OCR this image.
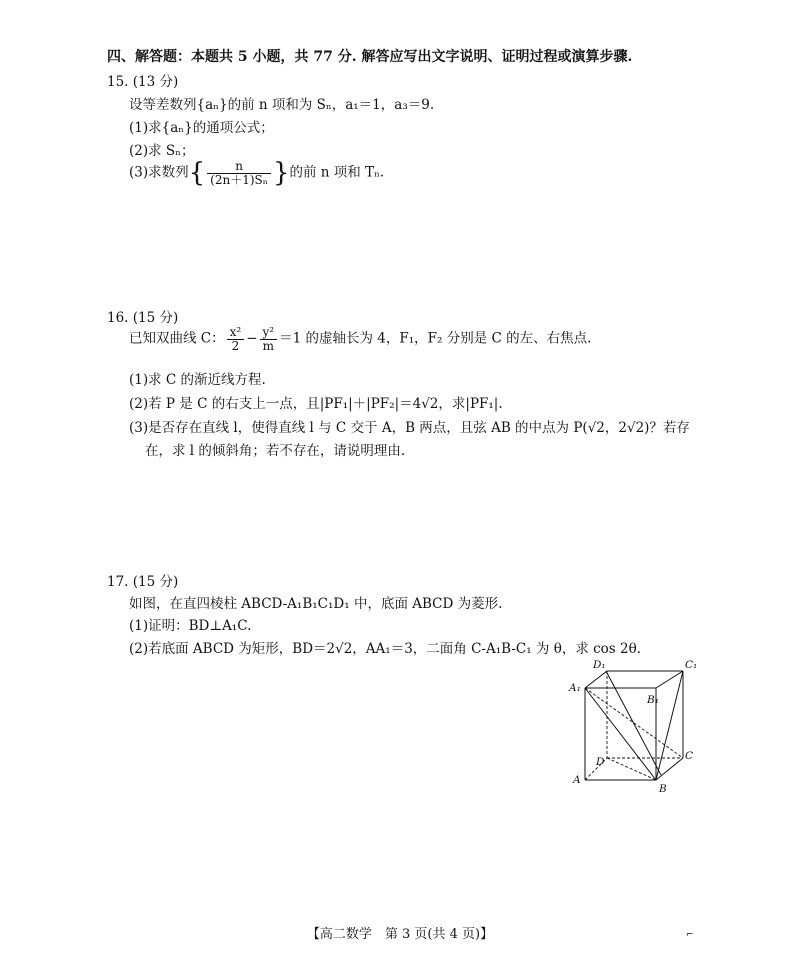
四、解答题：本题共 5 小题，共 77 分. 解答应写出文字说明、证明过程或演算步骤.
15. (13 分)
设等差数列{aₙ}的前 n 项和为 Sₙ，a₁＝1，a₃＝9.
(1)求{aₙ}的通项公式；
(2)求 Sₙ；
(3)求数列{ $\frac{n}{\text{(2n＋1)Sₙ}}$ }的前 n 项和 Tₙ.
16. (15 分)
已知双曲线 C： $\frac{\text{x²}}{2} - \frac{\text{y²}}{m} =1$ 的虚轴长为 4，F₁，F₂ 分别是 C 的左、右焦点.
(1)求 C 的渐近线方程.
(2)若 P 是 C 的右支上一点，且|PF₁|＋|PF₂|＝4√2，求|PF₁|.
(3)是否存在直线 l，使得直线 l 与 C 交于 A，B 两点，且弦 AB 的中点为 P(√2，2√2)？若存
在，求 l 的倾斜角；若不存在，请说明理由.
17. (15 分)
如图，在直四棱柱 ABCD-A₁B₁C₁D₁ 中，底面 ABCD 为菱形.
(1)证明：BD⊥A₁C.
(2)若底面 ABCD 为矩形，BD＝2√2，AA₁＝3，二面角 C-A₁B-C₁ 为 θ，求 cos 2θ.
D₁	C₁
A₁
B₁
C
D
A
B
【高二数学　第 3 页(共 4 页)】	⌐
